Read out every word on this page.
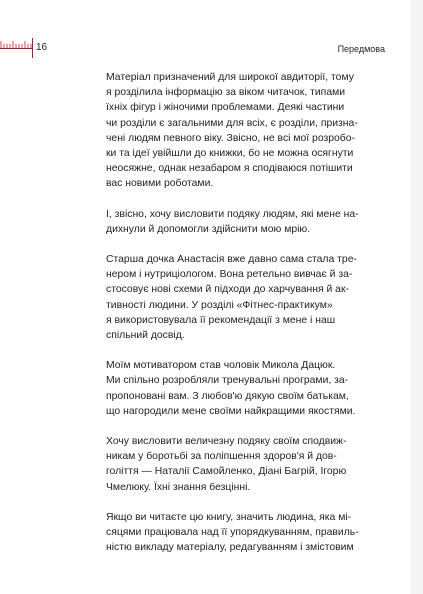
16	Передмова

Матеріал призначений для широкої авдиторії, тому
я розділила інформацію за віком читачок, типами
їхніх фігур і жіночими проблемами. Деякі частини
чи розділи є загальними для всіх, є розділи, призна-
чені людям певного віку. Звісно, не всі мої розробо-
ки та ідеї увійшли до книжки, бо не можна осягнути
неосяжне, однак незабаром я сподіваюся потішити
вас новими роботами.

І, звісно, хочу висловити подяку людям, які мене на-
дихнули й допомогли здійснити мою мрію.

Старша дочка Анастасія вже давно сама стала тре-
нером і нутриціологом. Вона ретельно вивчає й за-
стосовує нові схеми й підходи до харчування й ак-
тивності людини. У розділі «Фітнес-практикум»
я використовувала її рекомендації з мене і наш
спільний досвід.

Моїм мотиватором став чоловік Микола Дацюк.
Ми спільно розробляли тренувальні програми, за-
пропоновані вам. З любов'ю дякую своїм батькам,
що нагородили мене своїми найкращими якостями.

Хочу висловити величезну подяку своїм сподвиж-
никам у боротьбі за поліпшення здоров'я й дов-
голіття — Наталії Самойленко, Діані Багрій, Ігорю
Чмелюку. Їхні знання безцінні.

Якщо ви читаєте цю книгу, значить людина, яка мі-
сяцями працювала над її упорядкуванням, правиль-
ністю викладу матеріалу, редагуванням і змістовим
